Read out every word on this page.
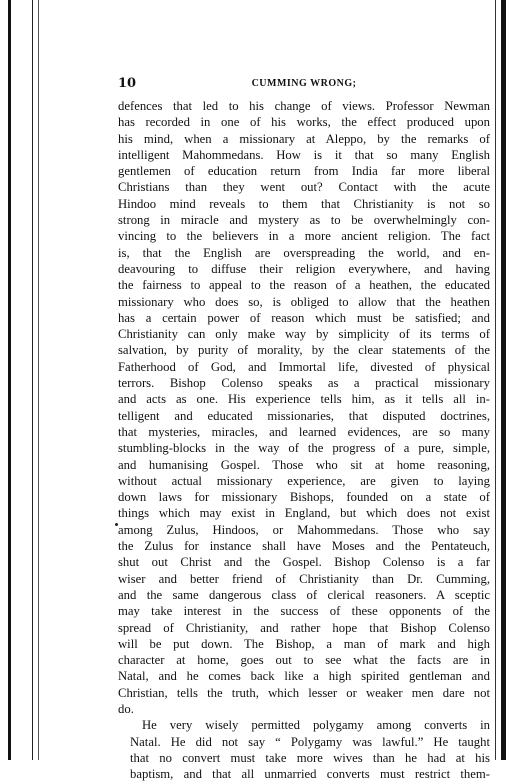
10	CUMMING WRONG;

defences that led to his change of views. Professor Newman
has recorded in one of his works, the effect produced upon
his mind, when a missionary at Aleppo, by the remarks of
intelligent Mahommedans. How is it that so many English
gentlemen of education return from India far more liberal
Christians than they went out? Contact with the acute
Hindoo mind reveals to them that Christianity is not so
strong in miracle and mystery as to be overwhelmingly con-
vincing to the believers in a more ancient religion. The fact
is, that the English are overspreading the world, and en-
deavouring to diffuse their religion everywhere, and having
the fairness to appeal to the reason of a heathen, the educated
missionary who does so, is obliged to allow that the heathen
has a certain power of reason which must be satisfied; and
Christianity can only make way by simplicity of its terms of
salvation, by purity of morality, by the clear statements of the
Fatherhood of God, and Immortal life, divested of physical
terrors. Bishop Colenso speaks as a practical missionary
and acts as one. His experience tells him, as it tells all in-
telligent and educated missionaries, that disputed doctrines,
that mysteries, miracles, and learned evidences, are so many
stumbling-blocks in the way of the progress of a pure, simple,
and humanising Gospel. Those who sit at home reasoning,
without actual missionary experience, are given to laying
down laws for missionary Bishops, founded on a state of
things which may exist in England, but which does not exist
among Zulus, Hindoos, or Mahommedans. Those who say
the Zulus for instance shall have Moses and the Pentateuch,
shut out Christ and the Gospel. Bishop Colenso is a far
wiser and better friend of Christianity than Dr. Cumming,
and the same dangerous class of clerical reasoners. A sceptic
may take interest in the success of these opponents of the
spread of Christianity, and rather hope that Bishop Colenso
will be put down. The Bishop, a man of mark and high
character at home, goes out to see what the facts are in
Natal, and he comes back like a high spirited gentleman and
Christian, tells the truth, which lesser or weaker men dare not
do.

He very wisely permitted polygamy among converts in
Natal. He did not say “ Polygamy was lawful.” He taught
that no convert must take more wives than he had at his
baptism, and that all unmarried converts must restrict them-
